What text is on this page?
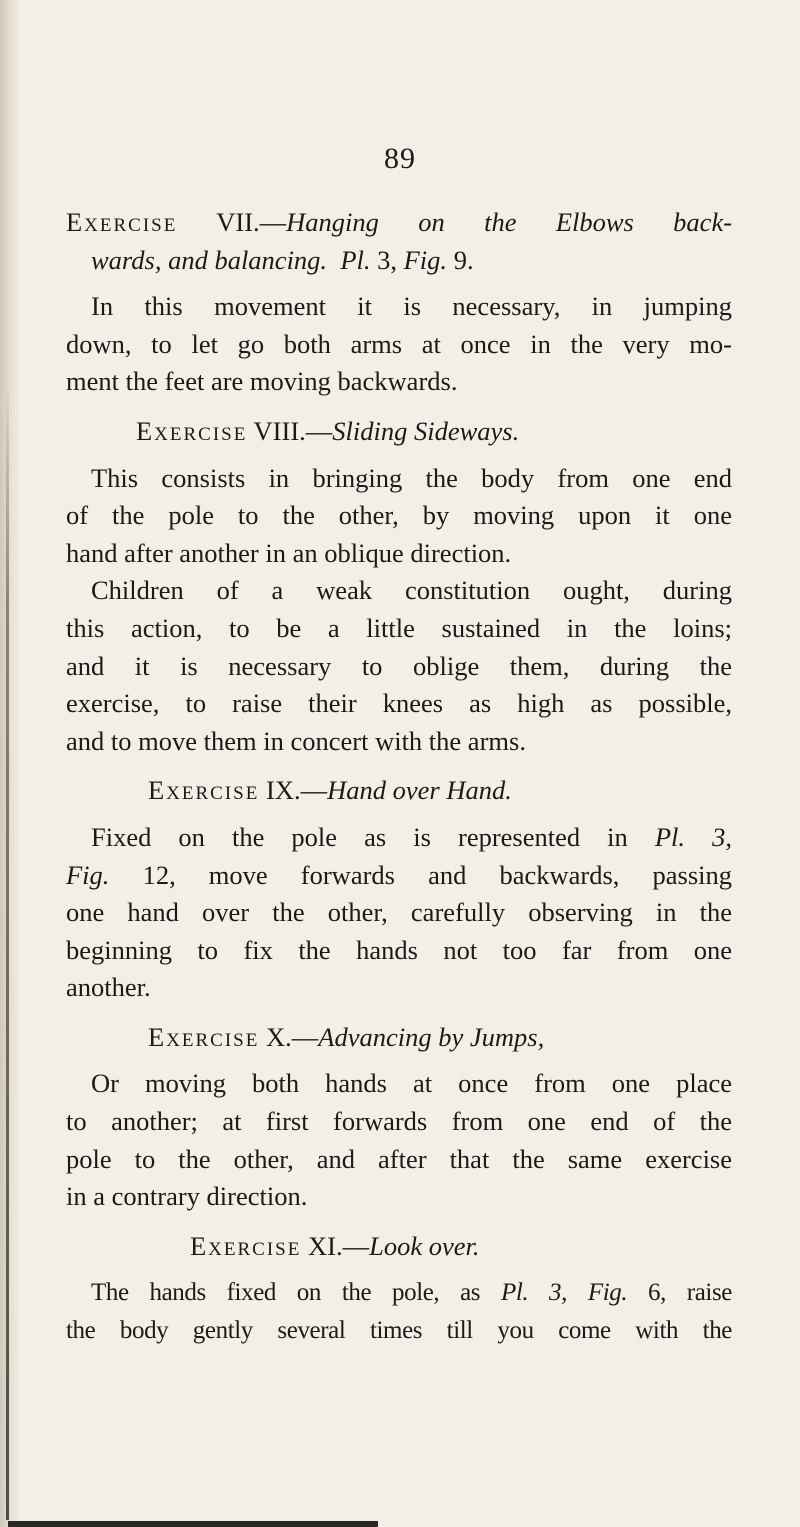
89
Exercise VII.—Hanging on the Elbows back-
wards, and balancing. Pl. 3, Fig. 9.
In this movement it is necessary, in jumping
down, to let go both arms at once in the very mo-
ment the feet are moving backwards.
Exercise VIII.—Sliding Sideways.
This consists in bringing the body from one end
of the pole to the other, by moving upon it one
hand after another in an oblique direction.
Children of a weak constitution ought, during
this action, to be a little sustained in the loins;
and it is necessary to oblige them, during the
exercise, to raise their knees as high as possible,
and to move them in concert with the arms.
Exercise IX.—Hand over Hand.
Fixed on the pole as is represented in Pl. 3,
Fig. 12, move forwards and backwards, passing
one hand over the other, carefully observing in the
beginning to fix the hands not too far from one
another.
Exercise X.—Advancing by Jumps,
Or moving both hands at once from one place
to another; at first forwards from one end of the
pole to the other, and after that the same exercise
in a contrary direction.
Exercise XI.—Look over.
The hands fixed on the pole, as Pl. 3, Fig. 6, raise
the body gently several times till you come with the
